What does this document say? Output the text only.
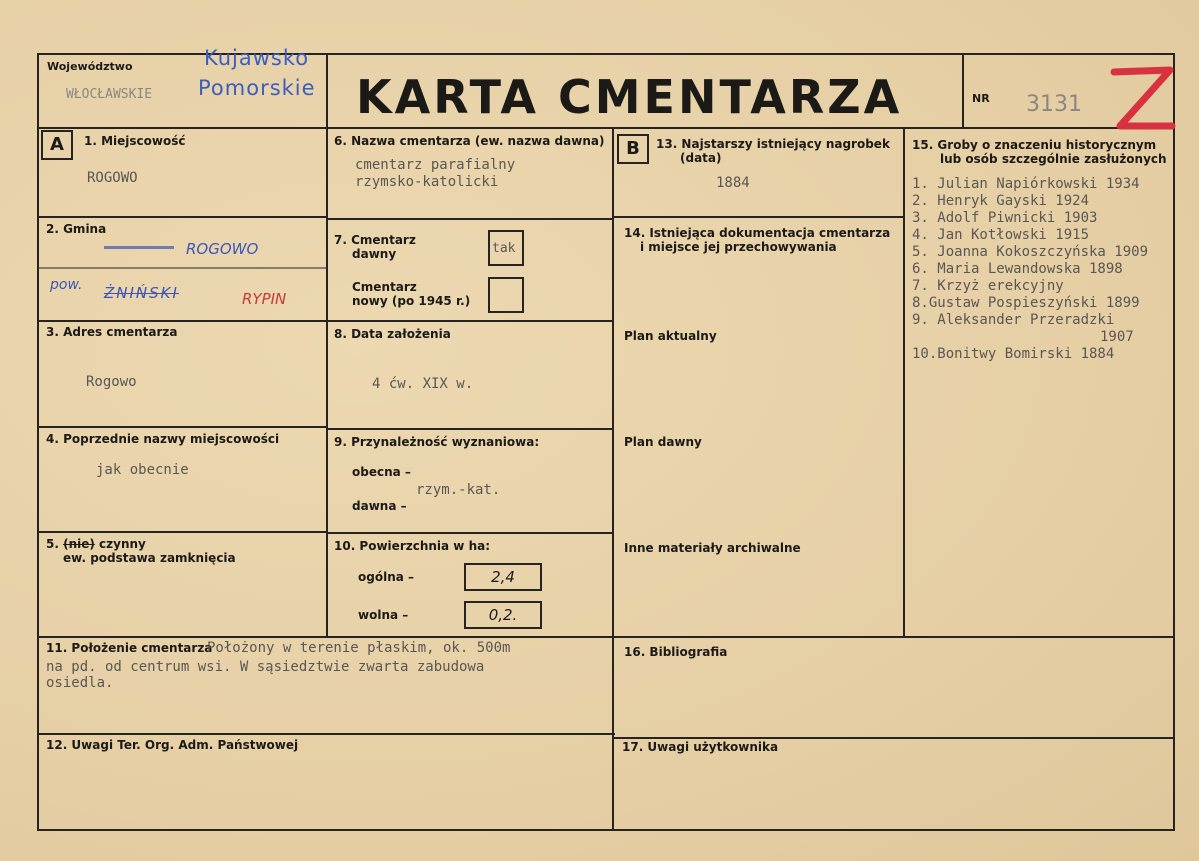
Województwo
WŁOCŁAWSKIE
Kujawsko
Pomorskie KARTA CMENTARZA	NR 3131
A	B
1. Miejscowość
ROGOWO
2. Gmina
ROGOWO
pow. ŻNIŃSKI	RYPIN
3. Adres cmentarza
Rogowo
4. Poprzednie nazwy miejscowości
jak obecnie
5. (nie) czynny
ew. podstawa zamknięcia
6. Nazwa cmentarza (ew. nazwa dawna)
cmentarz parafialny
rzymsko-katolicki
7. Cmentarz
dawny	tak
Cmentarz
nowy (po 1945 r.)
8. Data założenia
4 ćw. XIX w.
9. Przynależność wyznaniowa:
obecna –
rzym.-kat.
dawna –
10. Powierzchnia w ha:
ogólna –	2,4
wolna –	0,2.
11. Położenie cmentarza
Położony w terenie płaskim, ok. 500m
na pd. od centrum wsi. W sąsiedztwie zwarta zabudowa
osiedla.
12. Uwagi Ter. Org. Adm. Państwowej
13. Najstarszy istniejący nagrobek
(data)
1884
14. Istniejąca dokumentacja cmentarza
i miejsce jej przechowywania
Plan aktualny
Plan dawny
Inne materiały archiwalne
15. Groby o znaczeniu historycznym
lub osób szczególnie zasłużonych
1. Julian Napiórkowski 1934
2. Henryk Gayski 1924
3. Adolf Piwnicki 1903
4. Jan Kotłowski 1915
5. Joanna Kokoszczyńska 1909
6. Maria Lewandowska 1898
7. Krzyż erekcyjny
8.Gustaw Pospieszyński 1899
9. Aleksander Przeradzki
1907
10.Bonitwy Bomirski 1884
16. Bibliografia
17. Uwagi użytkownika
